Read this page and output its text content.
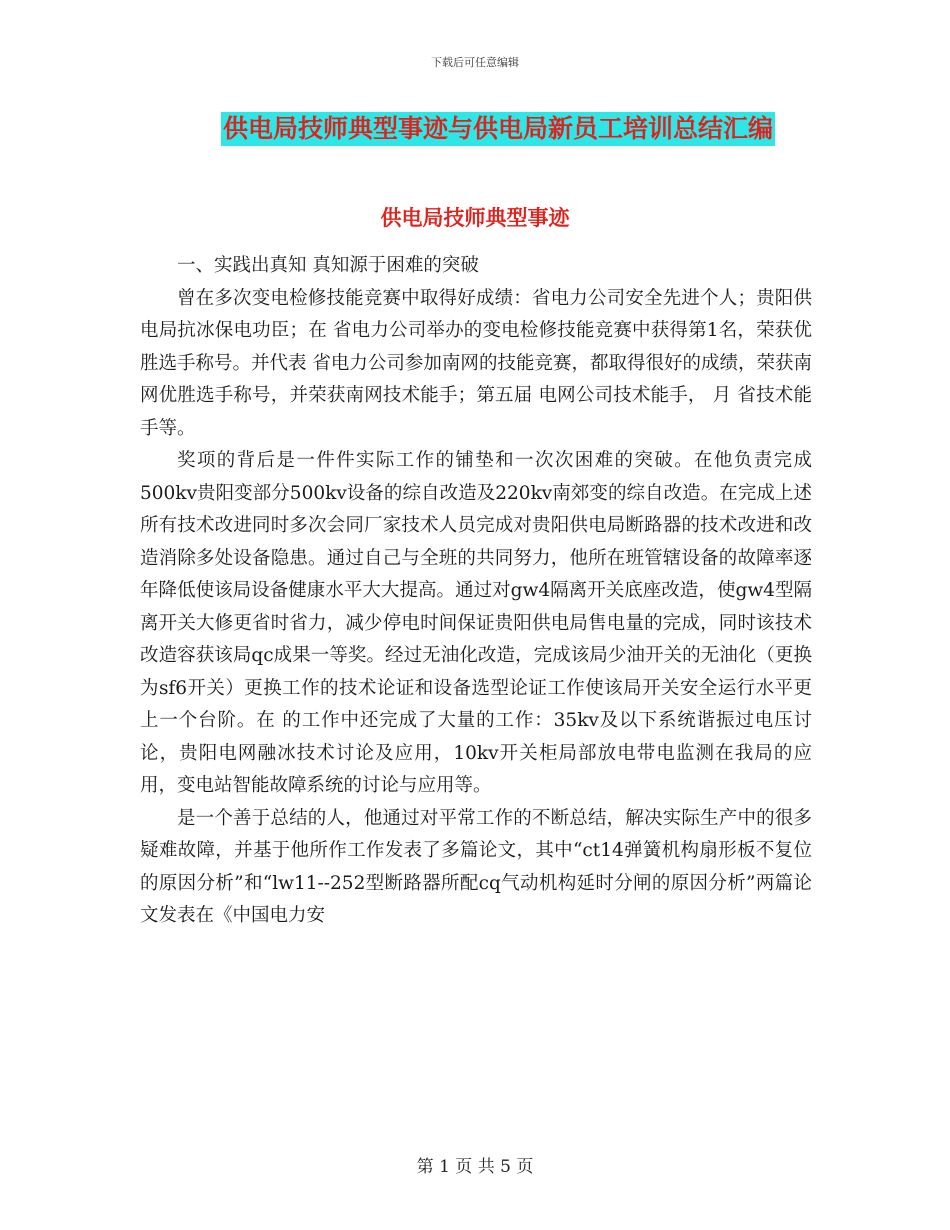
下载后可任意编辑
供电局技师典型事迹与供电局新员工培训总结汇编
供电局技师典型事迹

一、实践出真知 真知源于困难的突破

曾在多次变电检修技能竞赛中取得好成绩：省电力公司安全先进个人；贵阳供电局抗冰保电功臣；在 省电力公司举办的变电检修技能竞赛中获得第1名，荣获优胜选手称号。并代表 省电力公司参加南网的技能竞赛，都取得很好的成绩，荣获南网优胜选手称号，并荣获南网技术能手；第五届 电网公司技术能手， 月 省技术能手等。

奖项的背后是一件件实际工作的铺垫和一次次困难的突破。在他负责完成500kv贵阳变部分500kv设备的综自改造及220kv南郊变的综自改造。在完成上述所有技术改进同时多次会同厂家技术人员完成对贵阳供电局断路器的技术改进和改造消除多处设备隐患。通过自己与全班的共同努力，他所在班管辖设备的故障率逐年降低使该局设备健康水平大大提高。通过对gw4隔离开关底座改造，使gw4型隔离开关大修更省时省力，减少停电时间保证贵阳供电局售电量的完成，同时该技术改造容获该局qc成果一等奖。经过无油化改造，完成该局少油开关的无油化（更换为sf6开关）更换工作的技术论证和设备选型论证工作使该局开关安全运行水平更上一个台阶。在 的工作中还完成了大量的工作：35kv及以下系统谐振过电压讨论，贵阳电网融冰技术讨论及应用，10kv开关柜局部放电带电监测在我局的应用，变电站智能故障系统的讨论与应用等。

是一个善于总结的人，他通过对平常工作的不断总结，解决实际生产中的很多疑难故障，并基于他所作工作发表了多篇论文，其中“ct14弹簧机构扇形板不复位的原因分析”和“lw11--252型断路器所配cq气动机构延时分闸的原因分析”两篇论文发表在《中国电力安

第 1 页 共 5 页
